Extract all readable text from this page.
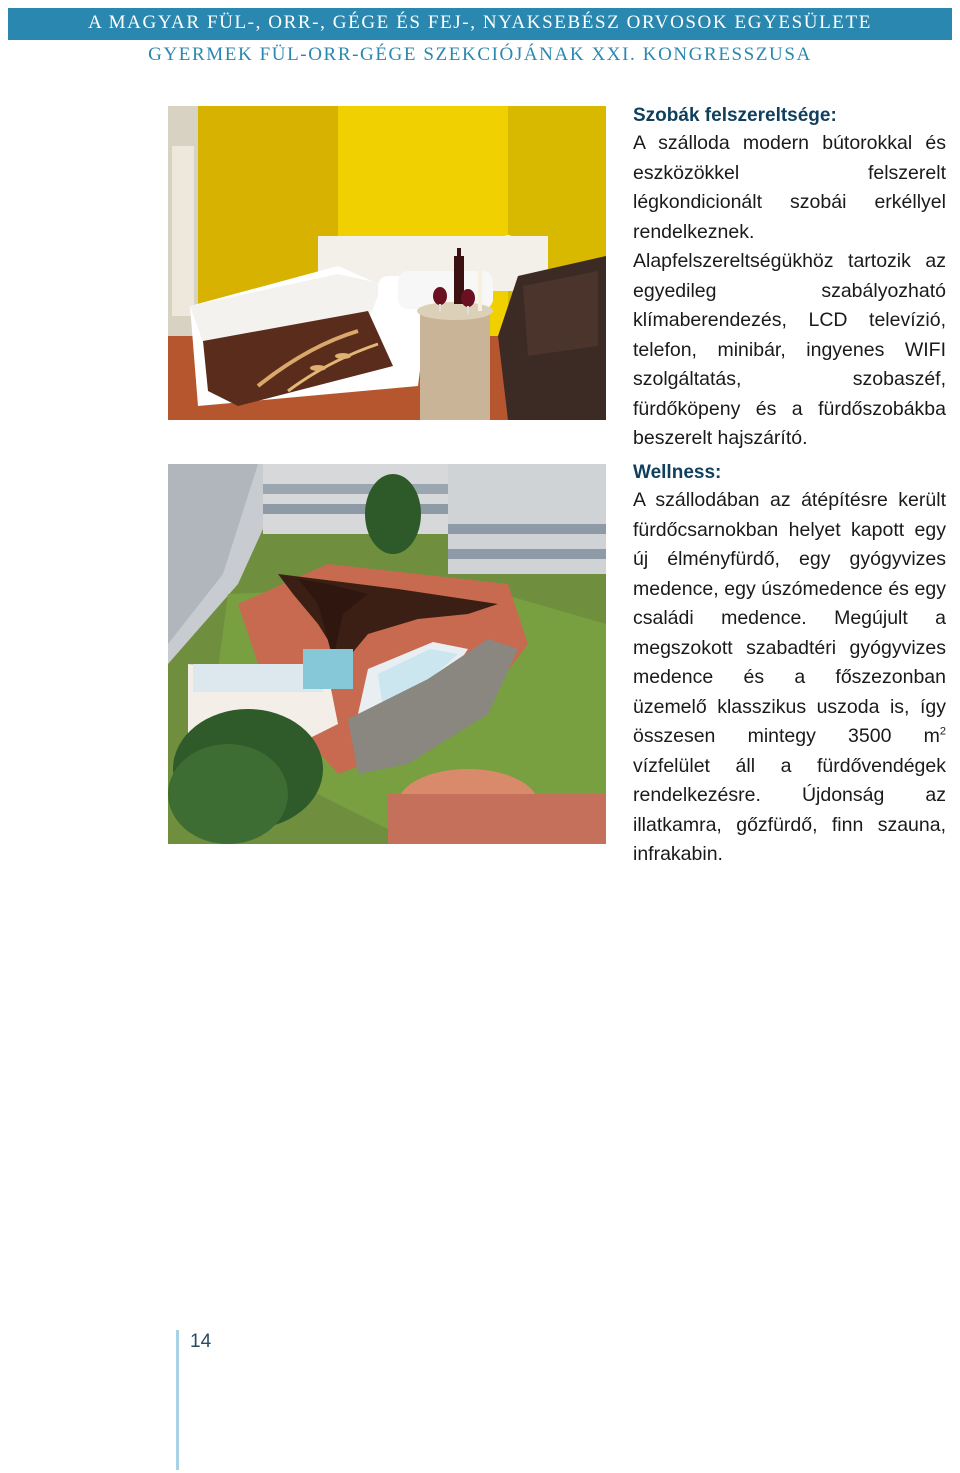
A MAGYAR FÜL-, ORR-, GÉGE ÉS FEJ-, NYAKSEBÉSZ ORVOSOK EGYESÜLETE
GYERMEK FÜL-ORR-GÉGE SZEKCIÓJÁNAK XXI. KONGRESSZUSA

Szobák felszereltsége:

A szálloda modern bútorokkal és eszközökkel felszerelt légkondicionált szobái erkéllyel rendelkeznek. Alapfelszereltségükhöz tartozik az egyedileg szabályozható klímaberendezés, LCD televízió, telefon, minibár, ingyenes WIFI szolgáltatás, szobaszéf, fürdőköpeny és a fürdőszobákba beszerelt hajszárító.

Wellness:

A szállodában az átépítésre került fürdőcsarnokban helyet kapott egy új élményfürdő, egy gyógyvizes medence, egy úszómedence és egy családi medence. Megújult a megszokott szabadtéri gyógyvizes medence és a főszezonban üzemelő klasszikus uszoda is, így összesen mintegy 3500 $m^2$ vízfelület áll a fürdővendégek rendelkezésre. Újdonság az illatkamra, gőzfürdő, finn szauna, infrakabin.

14
